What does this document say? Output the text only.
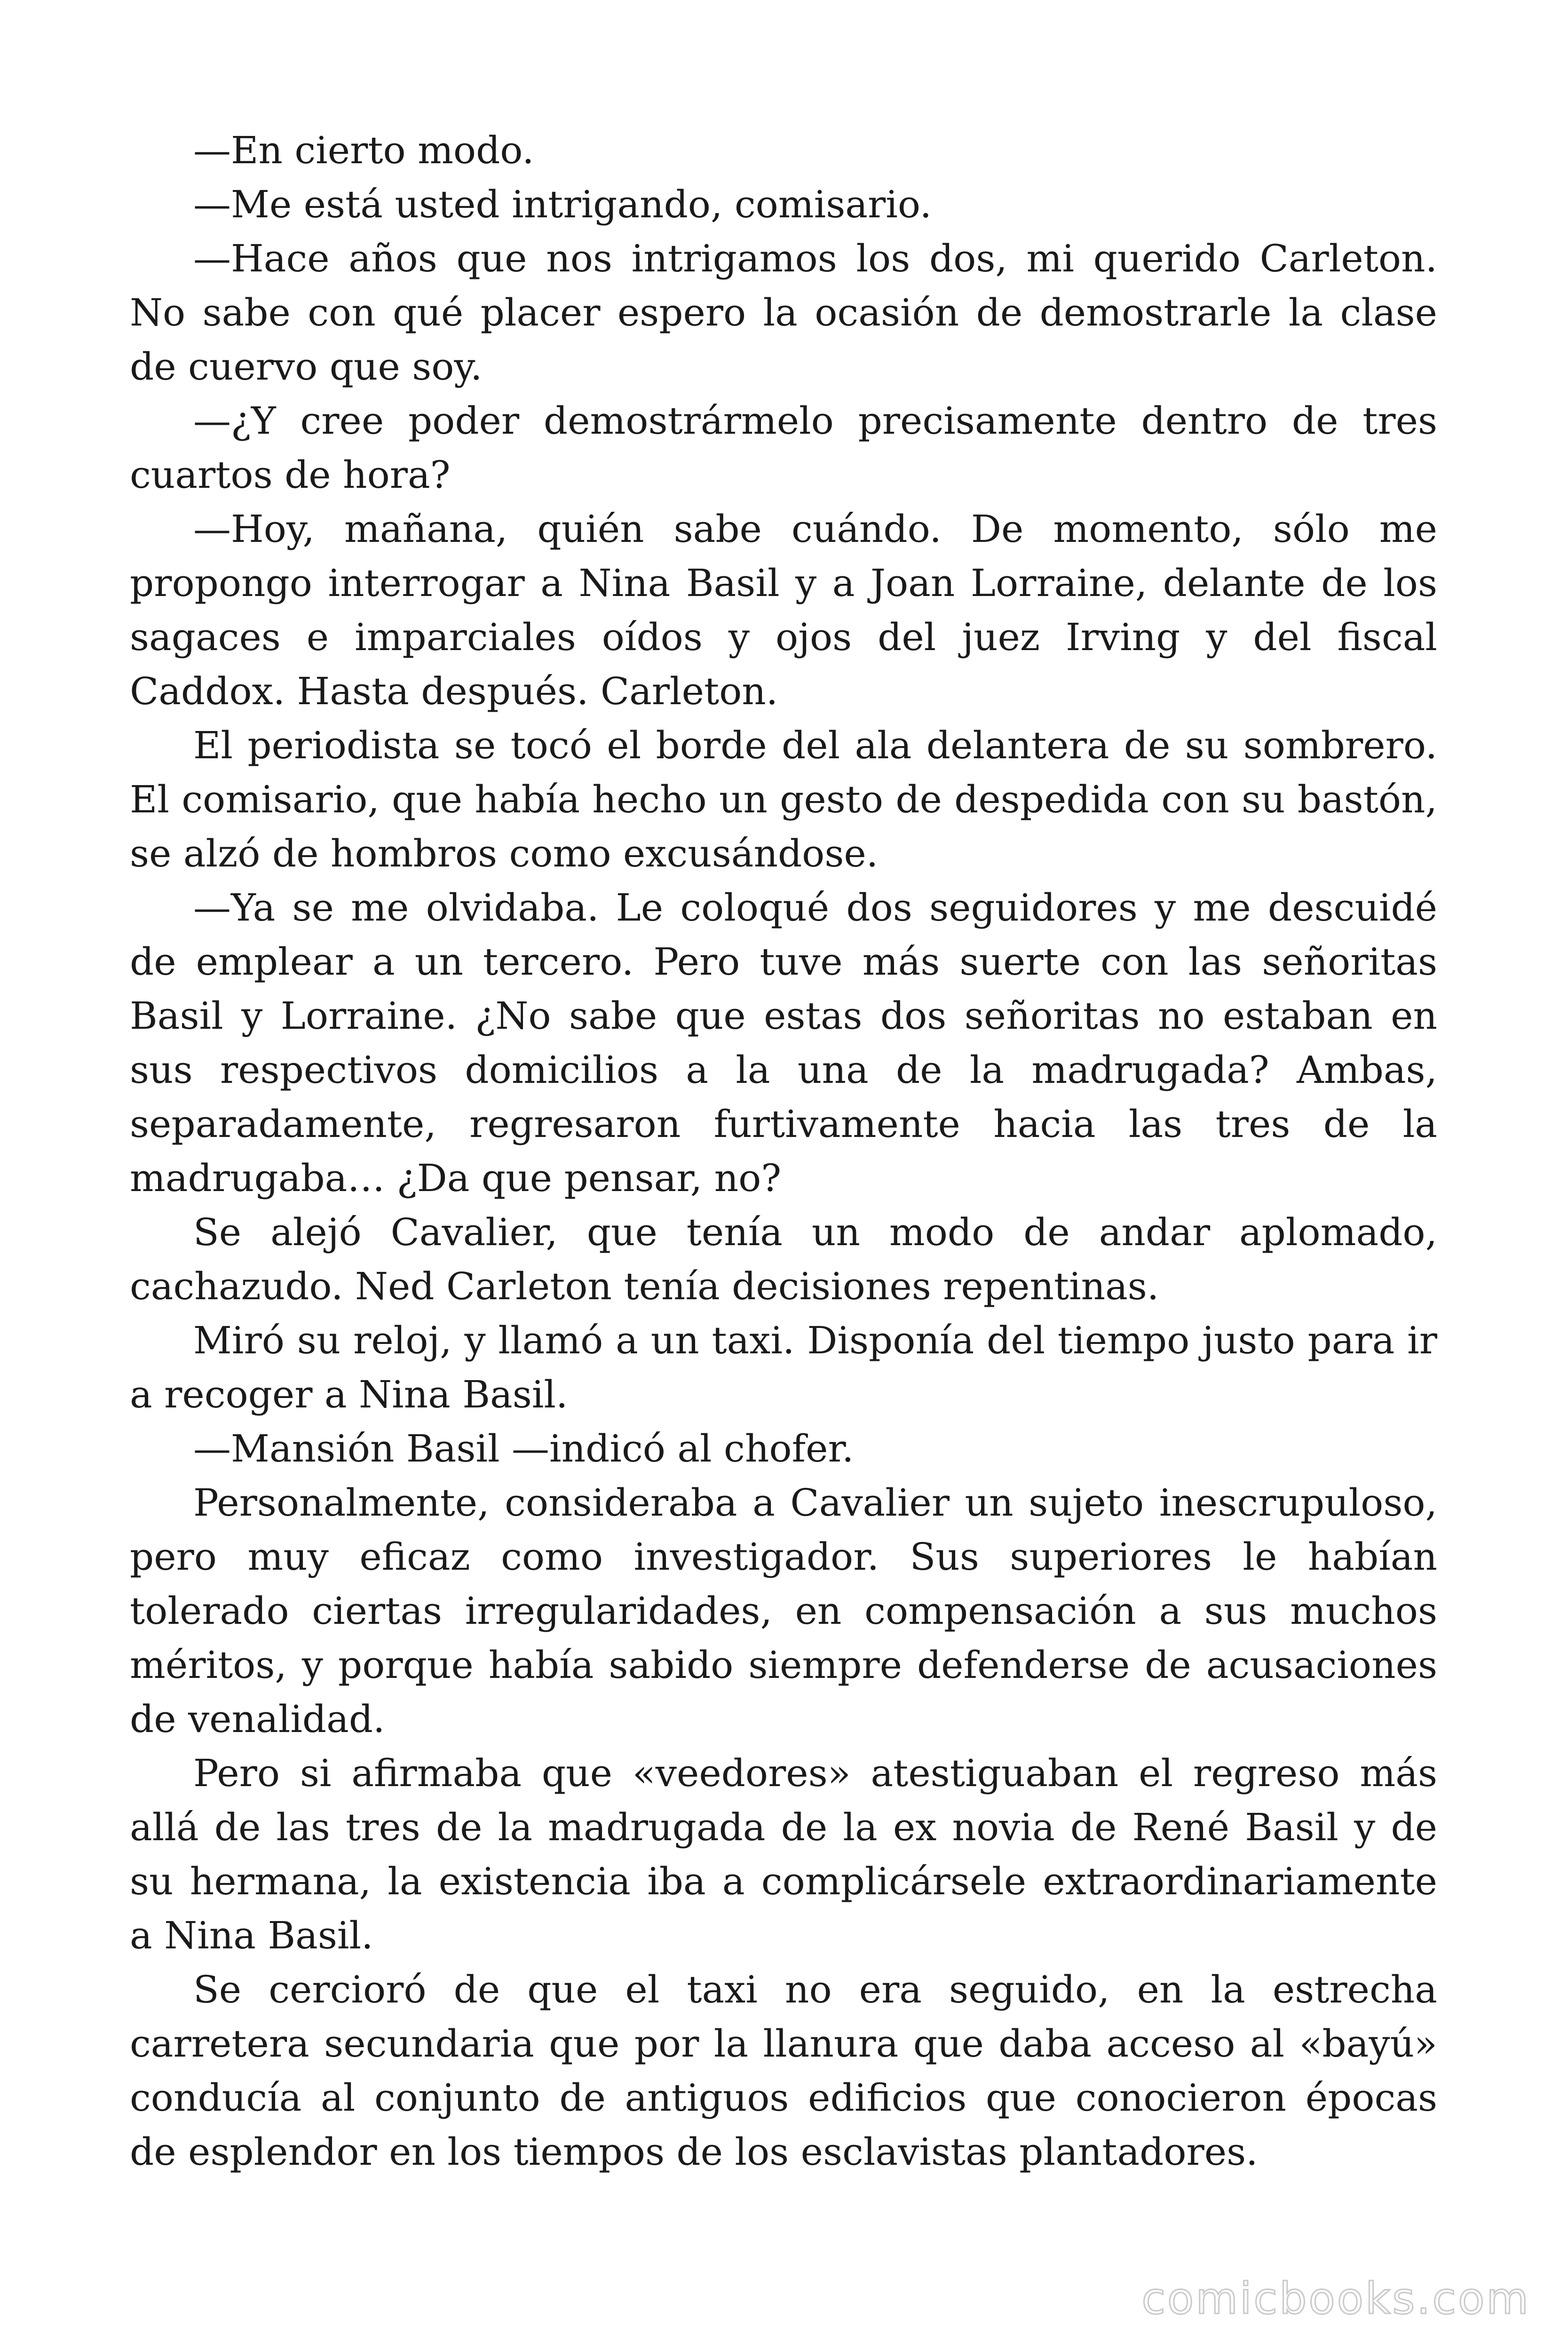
—En cierto modo.

—Me está usted intrigando, comisario.

—Hace años que nos intrigamos los dos, mi querido Carleton. No sabe con qué placer espero la ocasión de demostrarle la clase de cuervo que soy.

—¿Y cree poder demostrármelo precisamente dentro de tres cuartos de hora?

—Hoy, mañana, quién sabe cuándo. De momento, sólo me propongo interrogar a Nina Basil y a Joan Lorraine, delante de los sagaces e imparciales oídos y ojos del juez Irving y del fiscal Caddox. Hasta después. Carleton.

El periodista se tocó el borde del ala delantera de su sombrero. El comisario, que había hecho un gesto de despedida con su bastón, se alzó de hombros como excusándose.

—Ya se me olvidaba. Le coloqué dos seguidores y me descuidé de emplear a un tercero. Pero tuve más suerte con las señoritas Basil y Lorraine. ¿No sabe que estas dos señoritas no estaban en sus respectivos domicilios a la una de la madrugada? Ambas, separadamente, regresaron furtivamente hacia las tres de la madrugaba… ¿Da que pensar, no?

Se alejó Cavalier, que tenía un modo de andar aplomado, cachazudo. Ned Carleton tenía decisiones repentinas.

Miró su reloj, y llamó a un taxi. Disponía del tiempo justo para ir a recoger a Nina Basil.

—Mansión Basil —indicó al chofer.

Personalmente, consideraba a Cavalier un sujeto inescrupuloso, pero muy eficaz como investigador. Sus superiores le habían tolerado ciertas irregularidades, en compensación a sus muchos méritos, y porque había sabido siempre defenderse de acusaciones de venalidad.

Pero si afirmaba que «veedores» atestiguaban el regreso más allá de las tres de la madrugada de la ex novia de René Basil y de su hermana, la existencia iba a complicársele extraordinariamente a Nina Basil.

Se cercioró de que el taxi no era seguido, en la estrecha carretera secundaria que por la llanura que daba acceso al «bayú» conducía al conjunto de antiguos edificios que conocieron épocas de esplendor en los tiempos de los esclavistas plantadores.

comicbooks.com
